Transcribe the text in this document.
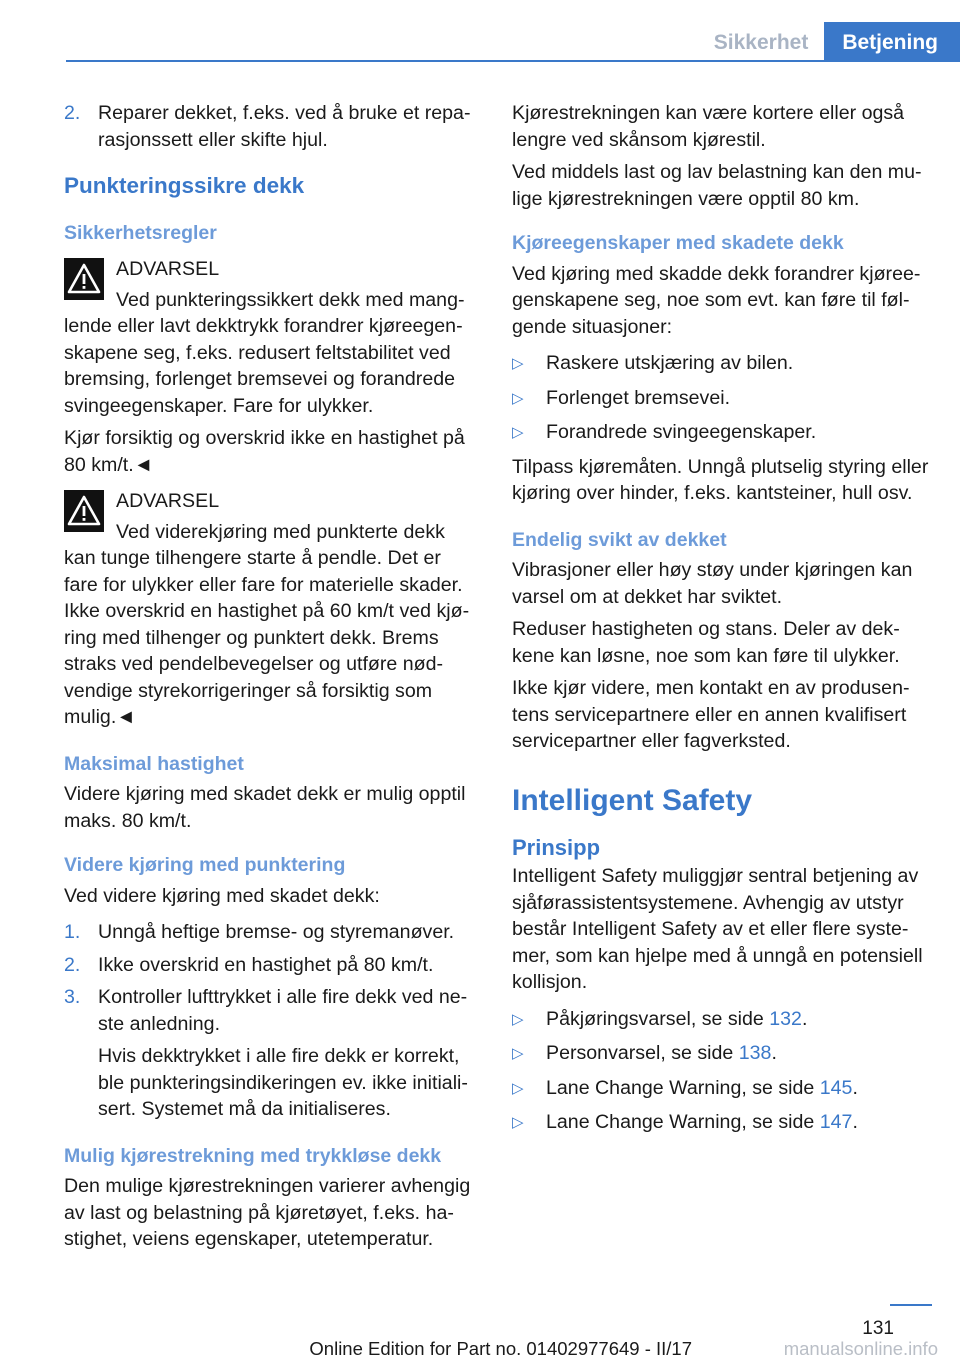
Sikkerhet	Betjening
2. Reparer dekket, f.eks. ved å bruke et reparasjonssett eller skifte hjul.
Punkteringssikre dekk
Sikkerhetsregler
ADVARSEL

Ved punkteringssikkert dekk med manglende eller lavt dekktrykk forandrer kjøreegenskapene seg, f.eks. redusert feltstabilitet ved bremsing, forlenget bremsevei og forandrede svingeegenskaper. Fare for ulykker.

Kjør forsiktig og overskrid ikke en hastighet på 80 km/t.◄

ADVARSEL

Ved viderekjøring med punkterte dekk kan tunge tilhengere starte å pendle. Det er fare for ulykker eller fare for materielle skader. Ikke overskrid en hastighet på 60 km/t ved kjøring med tilhenger og punktert dekk. Brems straks ved pendelbevegelser og utføre nødvendige styrekorrigeringer så forsiktig som mulig.◄

Maksimal hastighet

Videre kjøring med skadet dekk er mulig opptil maks. 80 km/t.

Videre kjøring med punktering

Ved videre kjøring med skadet dekk:

1. Unngå heftige bremse- og styremanøver.
2. Ikke overskrid en hastighet på 80 km/t.
3. Kontroller lufttrykket i alle fire dekk ved neste anledning.

Hvis dekktrykket i alle fire dekk er korrekt, ble punkteringsindikeringen ev. ikke initialisert. Systemet må da initialiseres.

Mulig kjørestrekning med trykkløse dekk

Den mulige kjørestrekningen varierer avhengig av last og belastning på kjøretøyet, f.eks. hastighet, veiens egenskaper, utetemperatur.

Kjørestrekningen kan være kortere eller også lengre ved skånsom kjørestil.

Ved middels last og lav belastning kan den mulige kjørestrekningen være opptil 80 km.

Kjøreegenskaper med skadete dekk

Ved kjøring med skadde dekk forandrer kjøreegenskapene seg, noe som evt. kan føre til følgende situasjoner:

▷	Raskere utskjæring av bilen.
▷	Forlenget bremsevei.
▷	Forandrede svingeegenskaper.

Tilpass kjøremåten. Unngå plutselig styring eller kjøring over hinder, f.eks. kantsteiner, hull osv.

Endelig svikt av dekket

Vibrasjoner eller høy støy under kjøringen kan varsel om at dekket har sviktet.

Reduser hastigheten og stans. Deler av dekkene kan løsne, noe som kan føre til ulykker.

Ikke kjør videre, men kontakt en av produsentens servicepartnere eller en annen kvalifisert servicepartner eller fagverksted.

Intelligent Safety
Prinsipp

Intelligent Safety muliggjør sentral betjening av sjåførassistentsystemene. Avhengig av utstyr består Intelligent Safety av et eller flere systemer, som kan hjelpe med å unngå en potensiell kollisjon.

▷	Påkjøringsvarsel, se side 132.
▷	Personvarsel, se side 138.
▷	Lane Change Warning, se side 145.
▷	Lane Change Warning, se side 147.
131
Online Edition for Part no. 01402977649 - II/17	manualsonline.info
